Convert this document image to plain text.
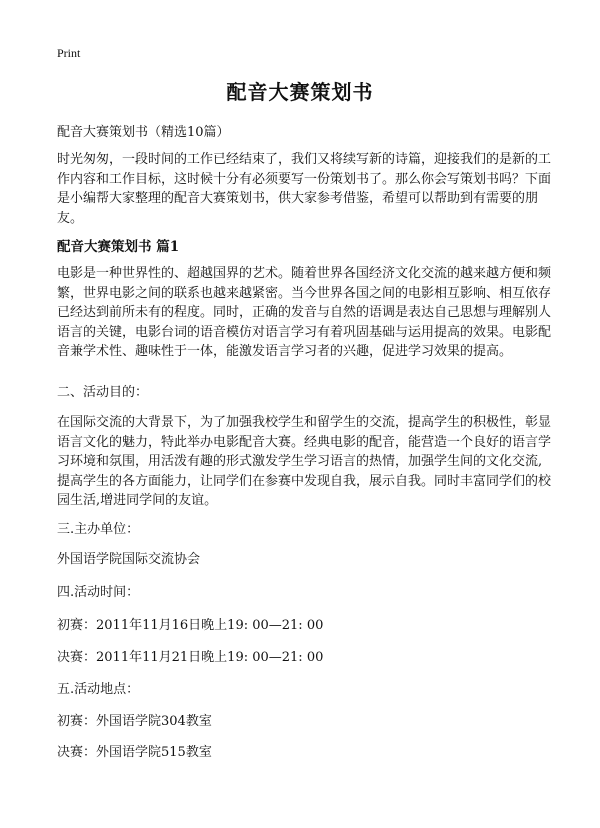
Print
配音大赛策划书
配音大赛策划书（精选10篇）

时光匆匆，一段时间的工作已经结束了，我们又将续写新的诗篇，迎接我们的是新的工作内容和工作目标，这时候十分有必须要写一份策划书了。那么你会写策划书吗？下面是小编帮大家整理的配音大赛策划书，供大家参考借鉴，希望可以帮助到有需要的朋友。

配音大赛策划书 篇1

电影是一种世界性的、超越国界的艺术。随着世界各国经济文化交流的越来越方便和频繁，世界电影之间的联系也越来越紧密。当今世界各国之间的电影相互影响、相互依存已经达到前所未有的程度。同时，正确的发音与自然的语调是表达自己思想与理解别人语言的关键，电影台词的语音模仿对语言学习有着巩固基础与运用提高的效果。电影配音兼学术性、趣味性于一体，能激发语言学习者的兴趣，促进学习效果的提高。

二、活动目的：

在国际交流的大背景下，为了加强我校学生和留学生的交流，提高学生的积极性，彰显语言文化的魅力，特此举办电影配音大赛。经典电影的配音，能营造一个良好的语言学习环境和氛围，用活泼有趣的形式激发学生学习语言的热情，加强学生间的文化交流,提高学生的各方面能力，让同学们在参赛中发现自我，展示自我。同时丰富同学们的校园生活,增进同学间的友谊。

三.主办单位：
外国语学院国际交流协会
四.活动时间：
初赛：2011年11月16日晚上19: 00—21: 00
决赛：2011年11月21日晚上19: 00—21: 00
五.活动地点：
初赛：外国语学院304教室
决赛：外国语学院515教室
